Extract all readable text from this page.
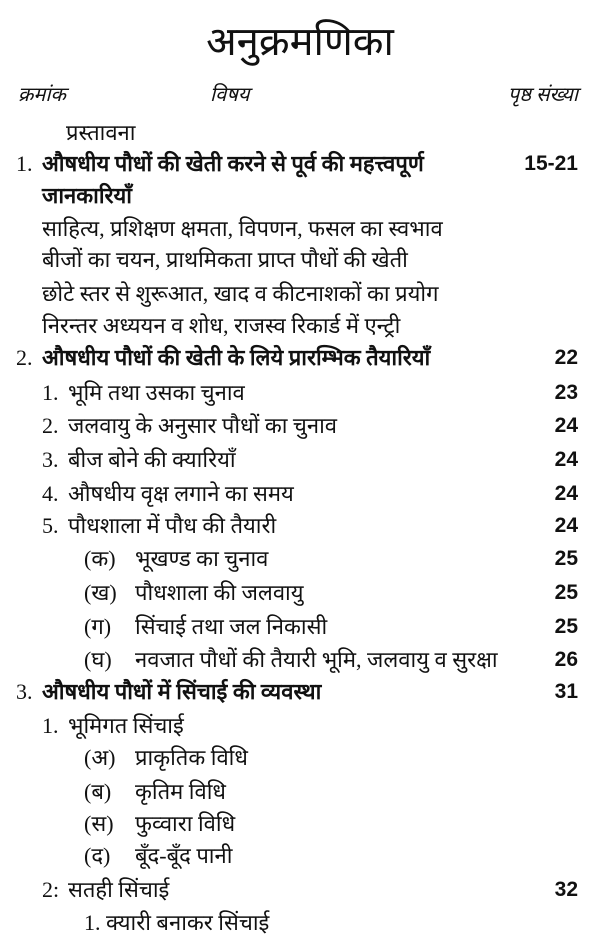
अनुक्रमणिका
क्रमांक	विषय	पृष्ठ संख्या
प्रस्तावना
1. औषधीय पौधों की खेती करने से पूर्व की महत्त्वपूर्ण	15-21
जानकारियाँ
साहित्य, प्रशिक्षण क्षमता, विपणन, फसल का स्वभाव
बीजों का चयन, प्राथमिकता प्राप्त पौधों की खेती
छोटे स्तर से शुरूआत, खाद व कीटनाशकों का प्रयोग
निरन्तर अध्ययन व शोध, राजस्व रिकार्ड में एन्ट्री
2. औषधीय पौधों की खेती के लिये प्रारम्भिक तैयारियाँ	22
1. भूमि तथा उसका चुनाव	23
2. जलवायु के अनुसार पौधों का चुनाव	24
3. बीज बोने की क्यारियाँ	24
4. औषधीय वृक्ष लगाने का समय	24
5. पौधशाला में पौध की तैयारी	24
(क) भूखण्ड का चुनाव	25
(ख) पौधशाला की जलवायु	25
(ग) सिंचाई तथा जल निकासी	25
(घ) नवजात पौधों की तैयारी भूमि, जलवायु व सुरक्षा	26
3. औषधीय पौधों में सिंचाई की व्यवस्था	31
1. भूमिगत सिंचाई
(अ) प्राकृतिक विधि
(ब) कृतिम विधि
(स) फुव्वारा विधि
(द) बूँद-बूँद पानी
2: सतही सिंचाई	32
1. क्यारी बनाकर सिंचाई
